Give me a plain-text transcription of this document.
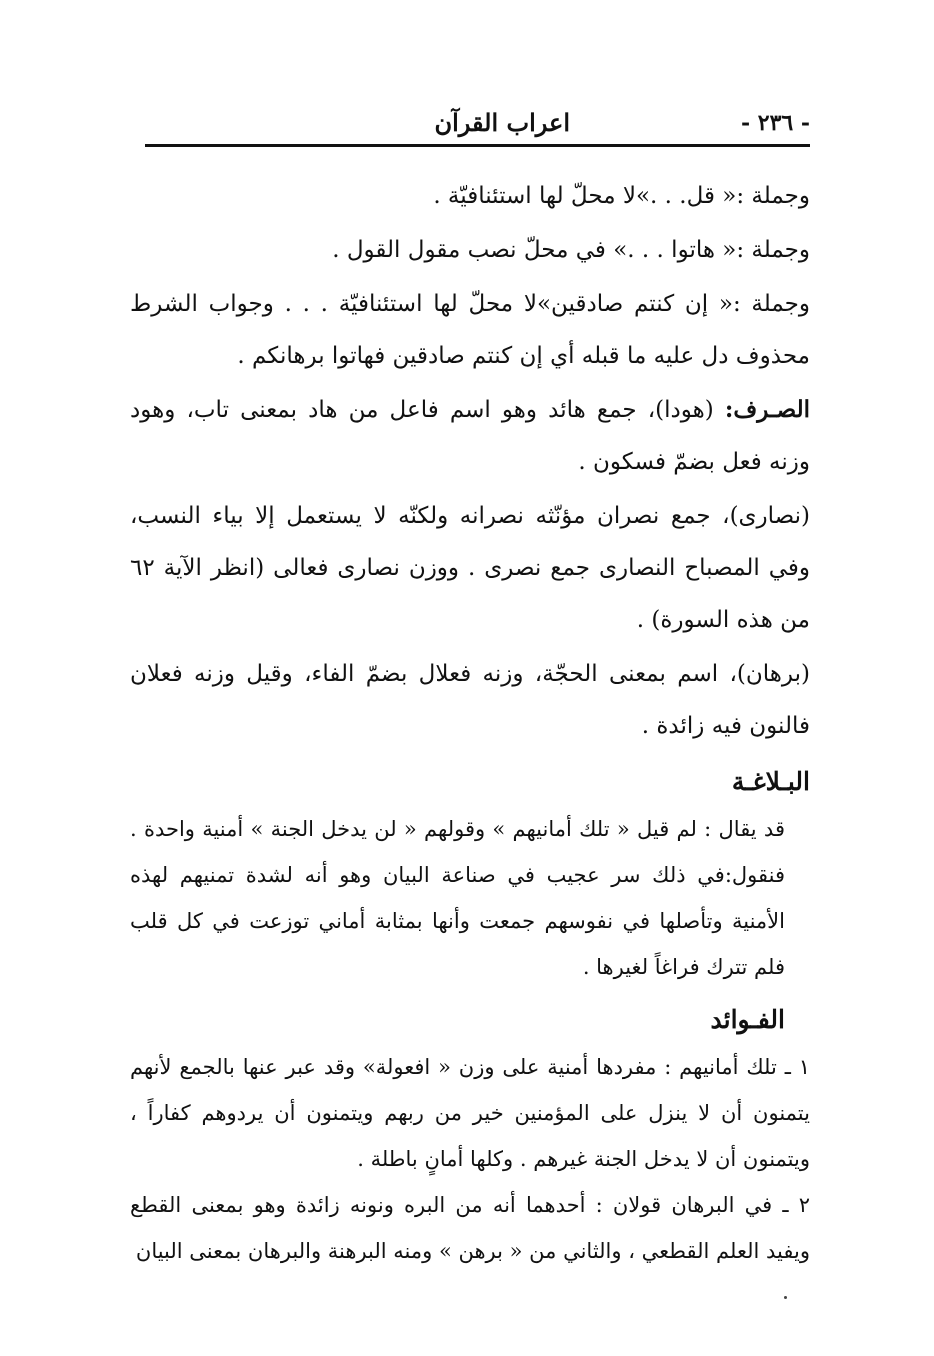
- ٢٣٦ -
اعراب القرآن

وجملة :« قل. . .»لا محلّ لها استئنافيّة .

وجملة :« هاتوا . . .» في محلّ نصب مقول القول .

وجملة :« إن كنتم صادقين»لا محلّ لها استئنافيّة . . . وجواب الشرط محذوف دل عليه ما قبله أي إن كنتم صادقين فهاتوا برهانكم .

الصـرف: (هودا)، جمع هائد وهو اسم فاعل من هاد بمعنى تاب، وهود وزنه فعل بضمّ فسكون .

(نصارى)، جمع نصران مؤنّثه نصرانه ولكنّه لا يستعمل إلا بياء النسب، وفي المصباح النصارى جمع نصرى . ووزن نصارى فعالى (انظر الآية ٦٢ من هذه السورة) .

(برهان)، اسم بمعنى الحجّة، وزنه فعلال بضمّ الفاء، وقيل وزنه فعلان فالنون فيه زائدة .

البـلاغـة

قد يقال : لم قيل « تلك أمانيهم » وقولهم « لن يدخل الجنة » أمنية واحدة . فنقول:في ذلك سر عجيب في صناعة البيان وهو أنه لشدة تمنيهم لهذه الأمنية وتأصلها في نفوسهم جمعت وأنها بمثابة أماني توزعت في كل قلب فلم تترك فراغاً لغيرها .

الفـوائد

١ ـ تلك أمانيهم : مفردها أمنية على وزن « افعولة» وقد عبر عنها بالجمع لأنهم يتمنون أن لا ينزل على المؤمنين خير من ربهم ويتمنون أن يردوهم كفاراً ، ويتمنون أن لا يدخل الجنة غيرهم . وكلها أمانٍ باطلة .

٢ ـ في البرهان قولان : أحدهما أنه من البره ونونه زائدة وهو بمعنى القطع ويفيد العلم القطعي ، والثاني من « برهن » ومنه البرهنة والبرهان بمعنى البيان
